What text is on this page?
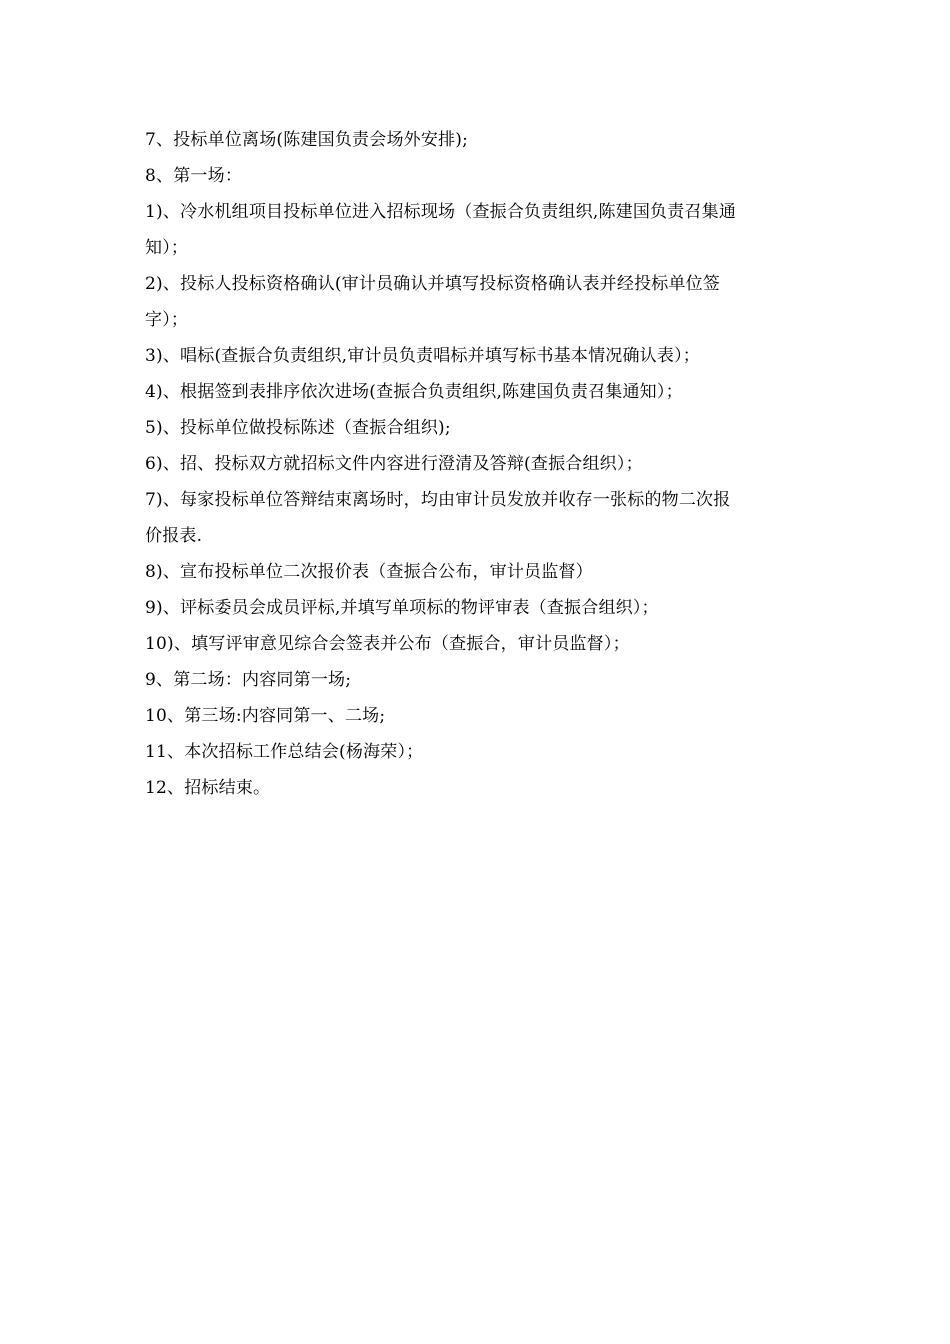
7、投标单位离场(陈建国负责会场外安排);
8、第一场：
1)、冷水机组项目投标单位进入招标现场（查振合负责组织,陈建国负责召集通
知）；
2)、投标人投标资格确认(审计员确认并填写投标资格确认表并经投标单位签
字）；
3)、唱标(查振合负责组织,审计员负责唱标并填写标书基本情况确认表）；
4)、根据签到表排序依次进场(查振合负责组织,陈建国负责召集通知）；
5)、投标单位做投标陈述（查振合组织);
6)、招、投标双方就招标文件内容进行澄清及答辩(查振合组织）；
7)、每家投标单位答辩结束离场时，均由审计员发放并收存一张标的物二次报
价报表.
8)、宣布投标单位二次报价表（查振合公布，审计员监督）
9)、评标委员会成员评标,并填写单项标的物评审表（查振合组织）；
10)、填写评审意见综合会签表并公布（查振合，审计员监督）；
9、第二场：内容同第一场;
10、第三场:内容同第一、二场;
11、本次招标工作总结会(杨海荣）；
12、招标结束。
